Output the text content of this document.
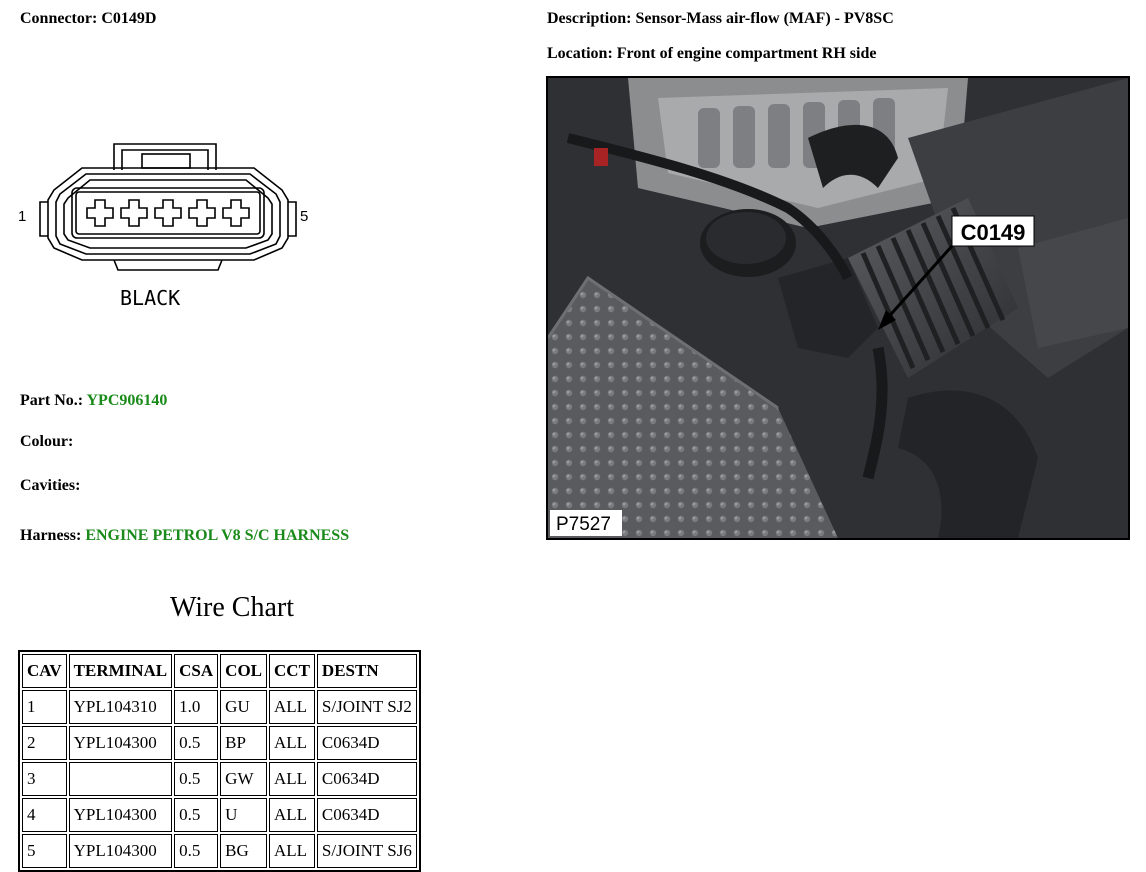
Connector: C0149D	Description: Sensor-Mass air-flow (MAF) - PV8SC
Location: Front of engine compartment RH side
1	5
BLACK
Part No.: YPC906140
Colour:
Cavities:
Harness: ENGINE PETROL V8 S/C HARNESS
C0149
P7527
Wire Chart
CAV	TERMINAL	CSA	COL	CCT	DESTN
1	YPL104310	1.0	GU	ALL	S/JOINT SJ2
2	YPL104300	0.5	BP	ALL	C0634D
3		0.5	GW	ALL	C0634D
4	YPL104300	0.5	U	ALL	C0634D
5	YPL104300	0.5	BG	ALL	S/JOINT SJ6
